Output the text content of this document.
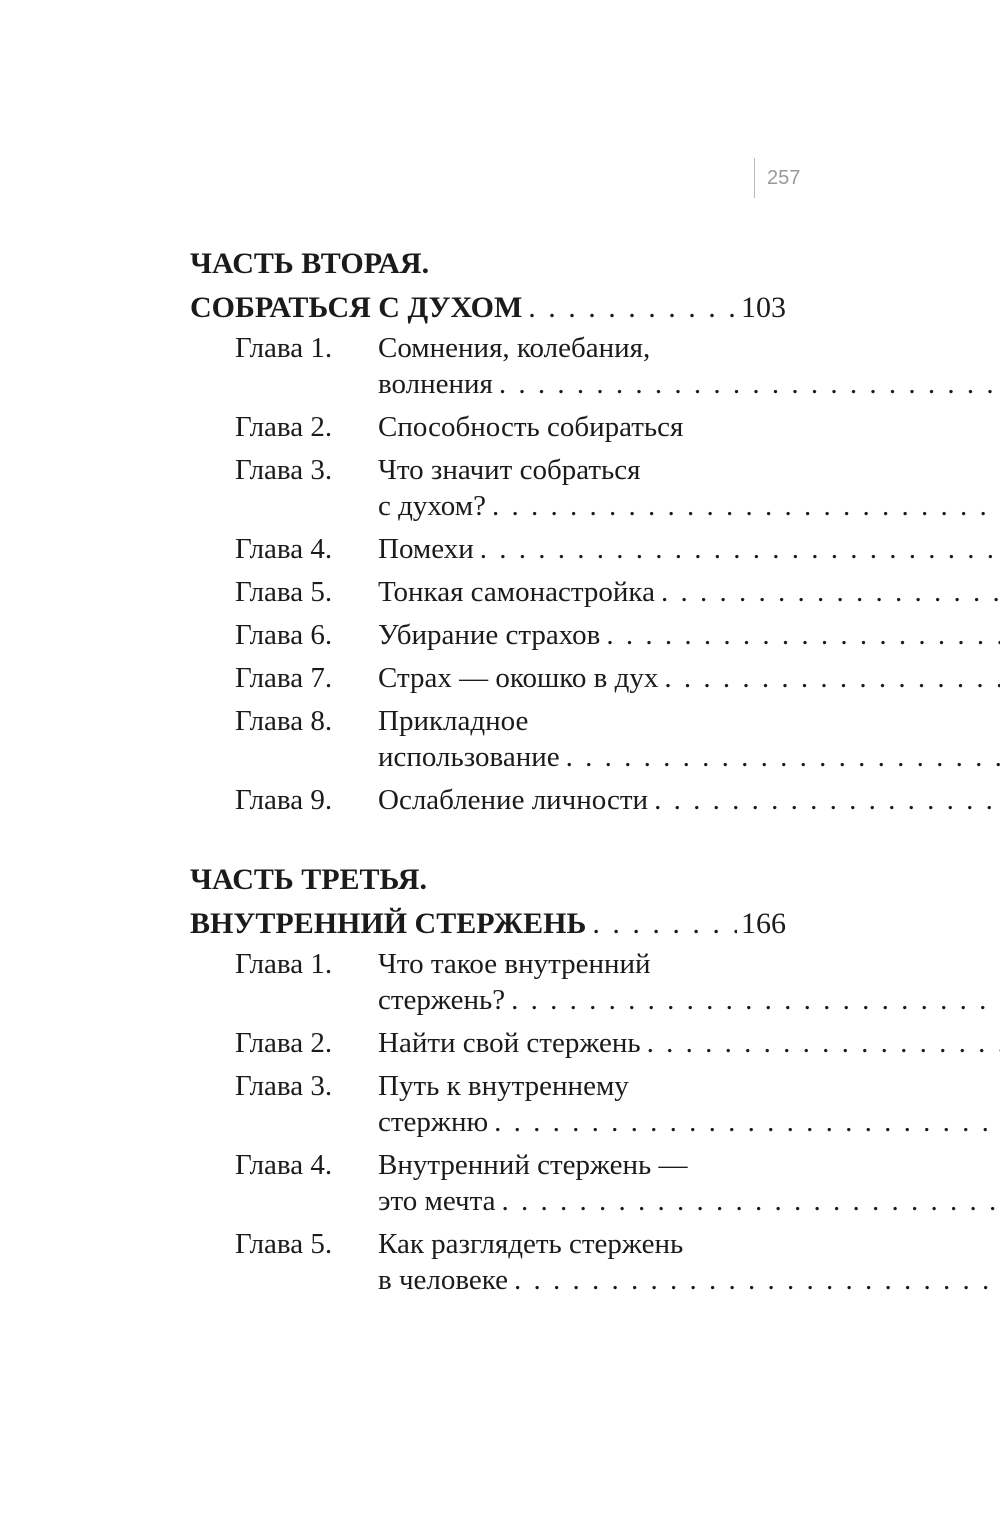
257
ЧАСТЬ ВТОРАЯ.
СОБРАТЬСЯ С ДУХОМ . . .	103
Глава 1.	Сомнения, колебания,
волнения
. . .
Глава 2.	Способность собираться
Глава 3.	Что значит собраться
с духом?
. . .
Глава 4.	Помехи
. . .
Глава 5.	Тонкая самонастройка
. . .
Глава 6.	Убирание страхов
. . .
Глава 7.	Страх — окошко в дух
. . .
Глава 8.	Прикладное
использование
. . .
Глава 9.	Ослабление личности
. . .
ЧАСТЬ ТРЕТЬЯ.
ВНУТРЕННИЙ СТЕРЖЕНЬ . . .	166
Глава 1.	Что такое внутренний
стержень?
. . .
Глава 2.	Найти свой стержень
. . .
Глава 3.	Путь к внутреннему
стержню
. . .
Глава 4.	Внутренний стержень —
это мечта
. . .
Глава 5.	Как разглядеть стержень
в человеке
. . .
